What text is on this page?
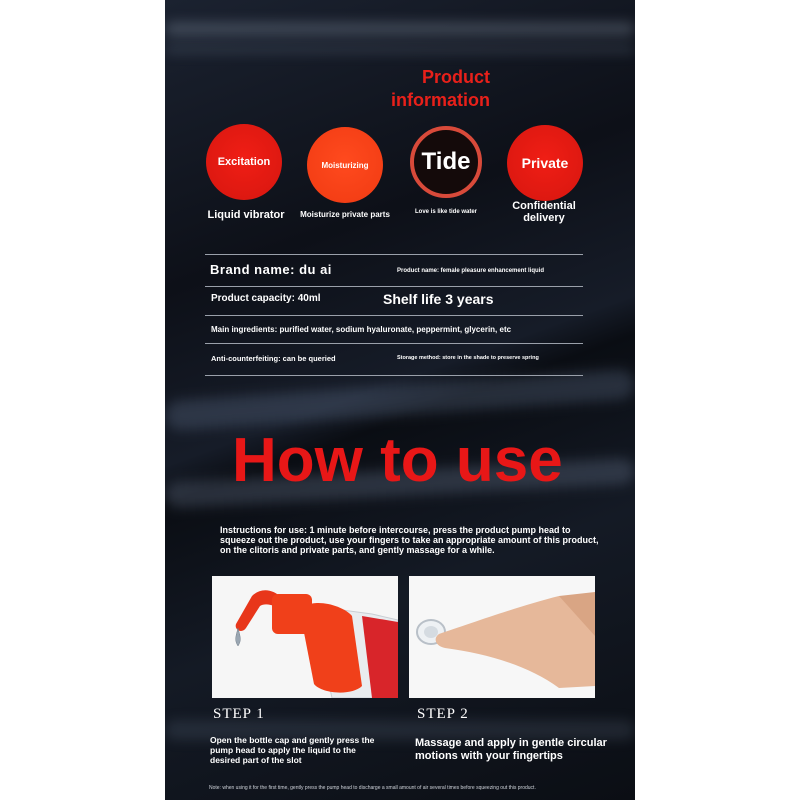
Product information
Excitation	Moisturizing Tide	Private
Liquid vibrator	Moisturize private parts	Love is like tide water	Confidential delivery
Brand name: du ai	Product name: female pleasure enhancement liquid
Product capacity: 40ml	Shelf life 3 years
Main ingredients: purified water, sodium hyaluronate, peppermint, glycerin, etc
Anti-counterfeiting: can be queried	Storage method: store in the shade to preserve spring
How to use
Instructions for use: 1 minute before intercourse, press the product pump head to squeeze out the product, use your fingers to take an appropriate amount of this product, on the clitoris and private parts, and gently massage for a while.
STEP 1	STEP 2
Open the bottle cap and gently press the pump head to apply the liquid to the desired part of the slot
Massage and apply in gentle circular motions with your fingertips
Note: when using it for the first time, gently press the pump head to discharge a small amount of air several times before squeezing out this product.
